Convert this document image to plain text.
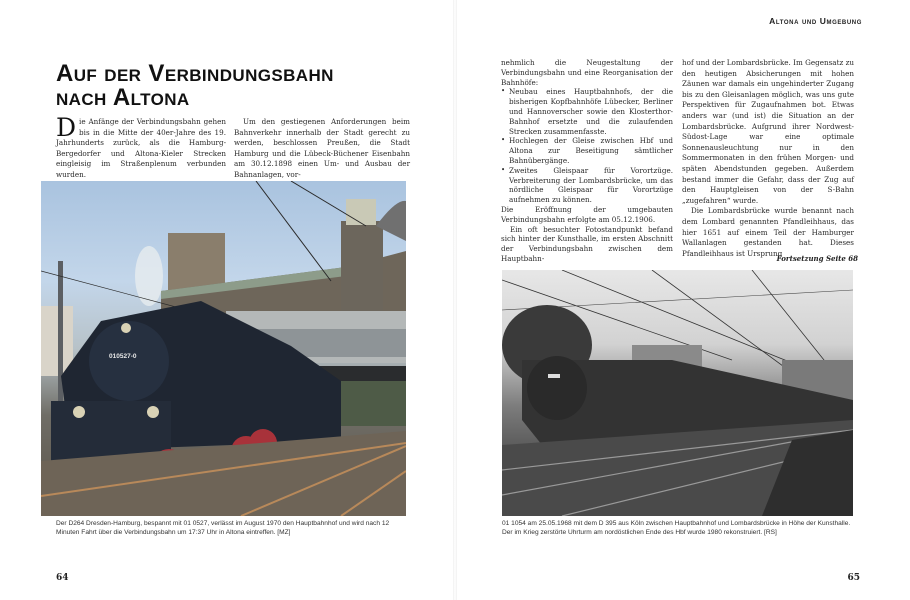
Altona und Umgebung
Auf der Verbindungsbahn
nach Altona

Die Anfänge der Verbindungsbahn gehen bis in die Mitte der 40er-Jahre des 19. Jahrhunderts zurück, als die Hamburg-Bergedorfer und Altona-Kieler Strecken eingleisig im Straßenplenum verbunden wurden.

Um den gestiegenen Anforderungen beim Bahnverkehr innerhalb der Stadt gerecht zu werden, beschlossen Preußen, die Stadt Hamburg und die Lübeck-Büchener Eisenbahn am 30.12.1898 einen Um- und Ausbau der Bahnanlagen, vor-

nehmlich die Neugestaltung der Verbindungsbahn und eine Reorganisation der Bahnhöfe:

• Neubau eines Hauptbahnhofs, der die bisherigen Kopfbahnhöfe Lübecker, Berliner und Hannoverscher sowie den Klosterthor-Bahnhof ersetzte und die zulaufenden Strecken zusammenfasste.
• Hochlegen der Gleise zwischen Hbf und Altona zur Beseitigung sämtlicher Bahnübergänge.
• Zweites Gleispaar für Vorortzüge. Verbreiterung der Lombardsbrücke, um das nördliche Gleispaar für Vorortzüge aufnehmen zu können.

Die Eröffnung der umgebauten Verbindungsbahn erfolgte am 05.12.1906.

Ein oft besuchter Fotostandpunkt befand sich hinter der Kunsthalle, im ersten Abschnitt der Verbindungsbahn zwischen dem Hauptbahn-

hof und der Lombardsbrücke. Im Gegensatz zu den heutigen Absicherungen mit hohen Zäunen war damals ein ungehinderter Zugang bis zu den Gleisanlagen möglich, was uns gute Perspektiven für Zugaufnahmen bot. Etwas anders war (und ist) die Situation an der Lombardsbrücke. Aufgrund ihrer Nordwest-Südost-Lage war eine optimale Sonnenausleuchtung nur in den Sommermonaten in den frühen Morgen- und späten Abendstunden gegeben. Außerdem bestand immer die Gefahr, dass der Zug auf den Hauptgleisen von der S-Bahn „zugefahren“ wurde.

Die Lombardsbrücke wurde benannt nach dem Lombard genannten Pfandleihhaus, das hier 1651 auf einem Teil der Hamburger Wallanlagen gestanden hat. Dieses Pfandleihhaus ist Ursprung

Fortsetzung Seite 68
010527-0
Der D264 Dresden-Hamburg, bespannt mit 01 0527, verlässt im August 1970 den Hauptbahnhof und wird nach 12 Minuten Fahrt über die Verbindungsbahn um 17:37 Uhr in Altona eintreffen. [MZ]
01 1054 am 25.05.1968 mit dem D 395 aus Köln zwischen Hauptbahnhof und Lombardsbrücke in Höhe der Kunsthalle. Der im Krieg zerstörte Uhrturm am nordöstlichen Ende des Hbf wurde 1980 rekonstruiert. [RS]
64	65
